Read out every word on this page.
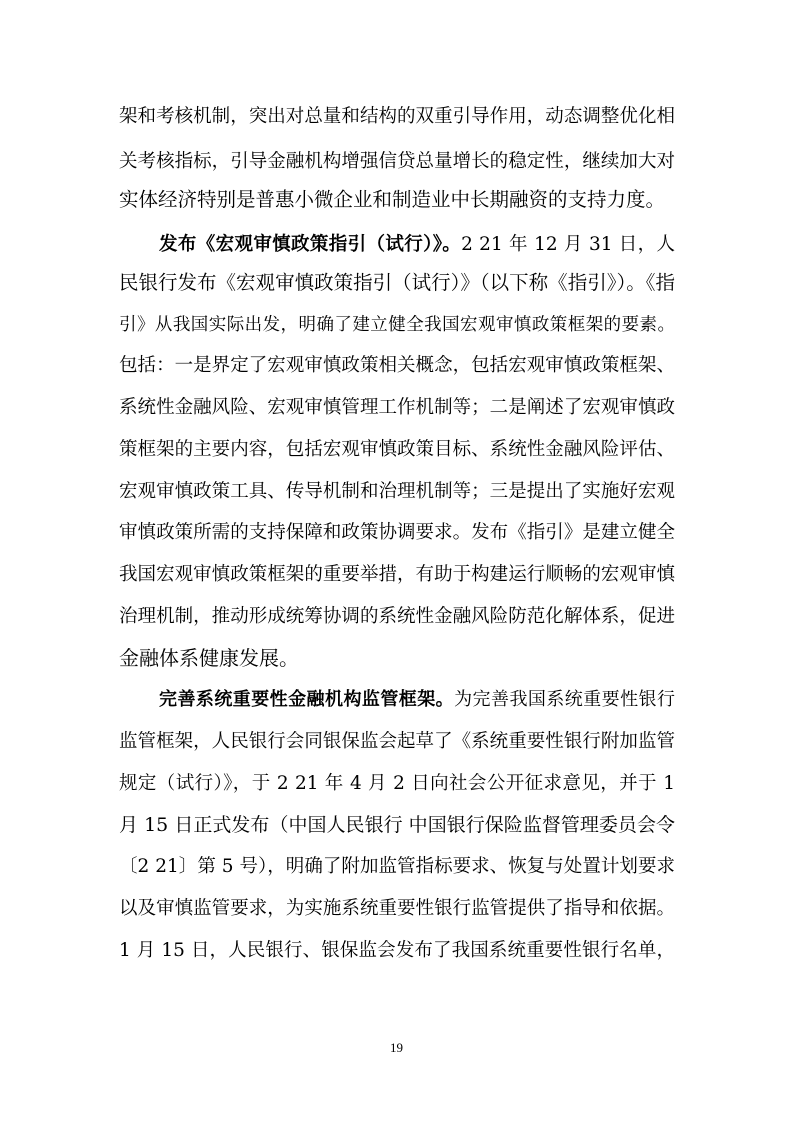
架和考核机制，突出对总量和结构的双重引导作用，动态调整优化相
关考核指标，引导金融机构增强信贷总量增长的稳定性，继续加大对
实体经济特别是普惠小微企业和制造业中长期融资的支持力度。
发布《宏观审慎政策指引（试行）》。2 21 年 12 月 31 日，人
民银行发布《宏观审慎政策指引（试行）》（以下称《指引》）。《指
引》从我国实际出发，明确了建立健全我国宏观审慎政策框架的要素。
包括：一是界定了宏观审慎政策相关概念，包括宏观审慎政策框架、
系统性金融风险、宏观审慎管理工作机制等；二是阐述了宏观审慎政
策框架的主要内容，包括宏观审慎政策目标、系统性金融风险评估、
宏观审慎政策工具、传导机制和治理机制等；三是提出了实施好宏观
审慎政策所需的支持保障和政策协调要求。发布《指引》是建立健全
我国宏观审慎政策框架的重要举措，有助于构建运行顺畅的宏观审慎
治理机制，推动形成统筹协调的系统性金融风险防范化解体系，促进
金融体系健康发展。
完善系统重要性金融机构监管框架。为完善我国系统重要性银行
监管框架，人民银行会同银保监会起草了《系统重要性银行附加监管
规定（试行）》，于 2 21 年 4 月 2 日向社会公开征求意见，并于 1
月 15 日正式发布（中国人民银行 中国银行保险监督管理委员会令
〔2 21〕第 5 号），明确了附加监管指标要求、恢复与处置计划要求
以及审慎监管要求，为实施系统重要性银行监管提供了指导和依据。
1 月 15 日，人民银行、银保监会发布了我国系统重要性银行名单，
19
